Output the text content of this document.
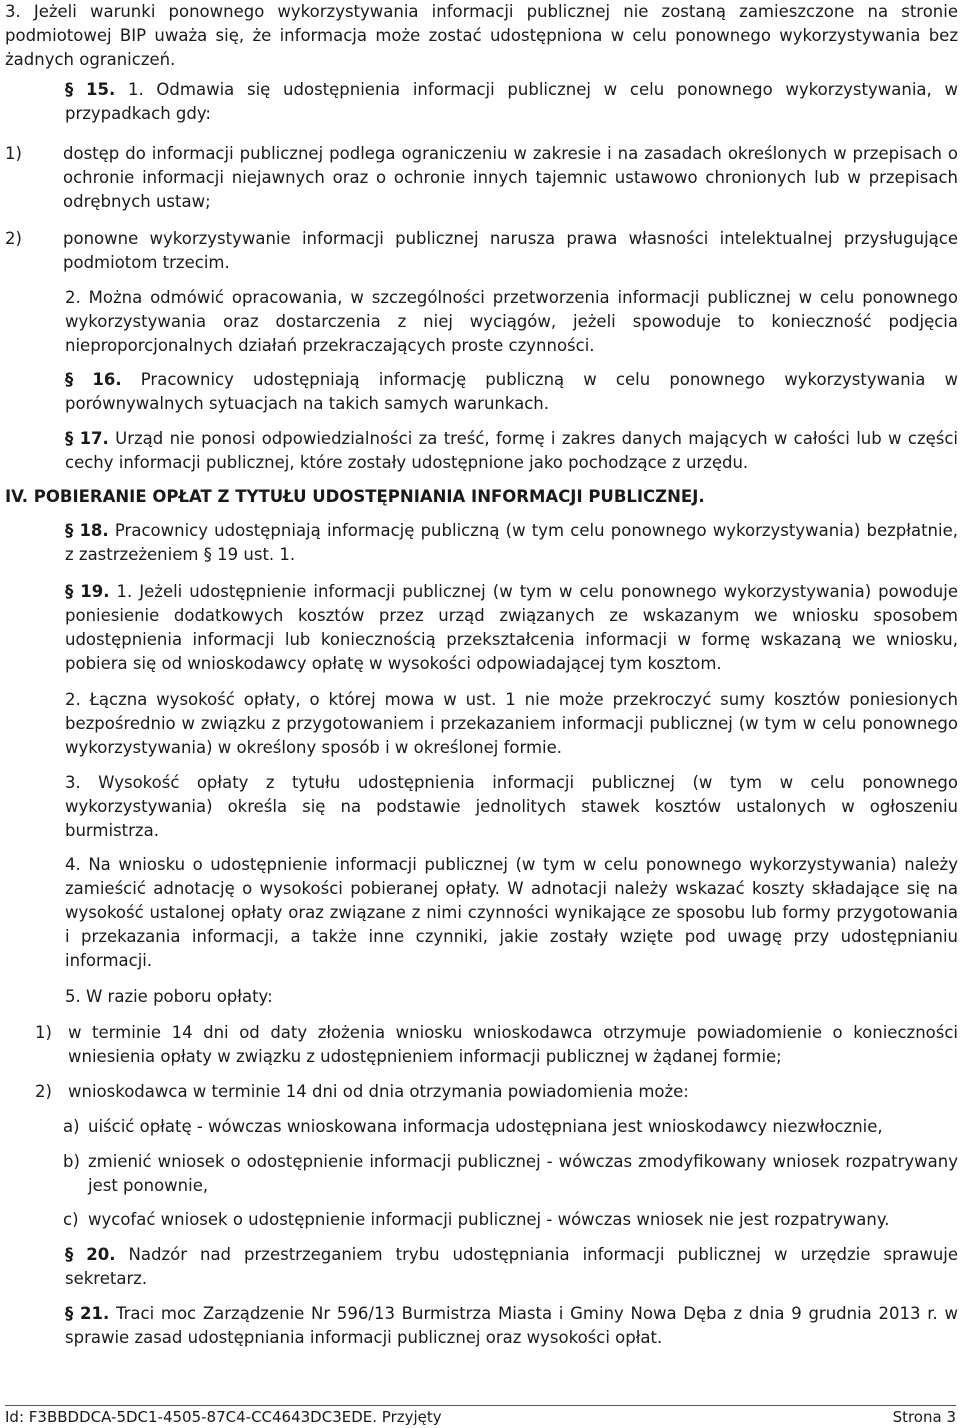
3. Jeżeli warunki ponownego wykorzystywania informacji publicznej nie zostaną zamieszczone na stronie podmiotowej BIP uważa się, że informacja może zostać udostępniona w celu ponownego wykorzystywania bez żadnych ograniczeń.

§ 15. 1. Odmawia się udostępnienia informacji publicznej w celu ponownego wykorzystywania, w przypadkach gdy:

1)	dostęp do informacji publicznej podlega ograniczeniu w zakresie i na zasadach określonych w przepisach o ochronie informacji niejawnych oraz o ochronie innych tajemnic ustawowo chronionych lub w przepisach odrębnych ustaw;
2)	ponowne wykorzystywanie informacji publicznej narusza prawa własności intelektualnej przysługujące podmiotom trzecim.

2. Można odmówić opracowania, w szczególności przetworzenia informacji publicznej w celu ponownego wykorzystywania oraz dostarczenia z niej wyciągów, jeżeli spowoduje to konieczność podjęcia nieproporcjonalnych działań przekraczających proste czynności.

§ 16. Pracownicy udostępniają informację publiczną w celu ponownego wykorzystywania w porównywalnych sytuacjach na takich samych warunkach.

§ 17. Urząd nie ponosi odpowiedzialności za treść, formę i zakres danych mających w całości lub w części cechy informacji publicznej, które zostały udostępnione jako pochodzące z urzędu.

IV. POBIERANIE OPŁAT Z TYTUŁU UDOSTĘPNIANIA INFORMACJI PUBLICZNEJ.

§ 18. Pracownicy udostępniają informację publiczną (w tym celu ponownego wykorzystywania) bezpłatnie, z zastrzeżeniem § 19 ust. 1.

§ 19. 1. Jeżeli udostępnienie informacji publicznej (w tym w celu ponownego wykorzystywania) powoduje poniesienie dodatkowych kosztów przez urząd związanych ze wskazanym we wniosku sposobem udostępnienia informacji lub koniecznością przekształcenia informacji w formę wskazaną we wniosku, pobiera się od wnioskodawcy opłatę w wysokości odpowiadającej tym kosztom.

2. Łączna wysokość opłaty, o której mowa w ust. 1 nie może przekroczyć sumy kosztów poniesionych bezpośrednio w związku z przygotowaniem i przekazaniem informacji publicznej (w tym w celu ponownego wykorzystywania) w określony sposób i w określonej formie.

3. Wysokość opłaty z tytułu udostępnienia informacji publicznej (w tym w celu ponownego wykorzystywania) określa się na podstawie jednolitych stawek kosztów ustalonych w ogłoszeniu burmistrza.

4. Na wniosku o udostępnienie informacji publicznej (w tym w celu ponownego wykorzystywania) należy zamieścić adnotację o wysokości pobieranej opłaty. W adnotacji należy wskazać koszty składające się na wysokość ustalonej opłaty oraz związane z nimi czynności wynikające ze sposobu lub formy przygotowania i przekazania informacji, a także inne czynniki, jakie zostały wzięte pod uwagę przy udostępnianiu informacji.

5. W razie poboru opłaty:

1) w terminie 14 dni od daty złożenia wniosku wnioskodawca otrzymuje powiadomienie o konieczności wniesienia opłaty w związku z udostępnieniem informacji publicznej w żądanej formie;
2) wnioskodawca w terminie 14 dni od dnia otrzymania powiadomienia może:
a) uiścić opłatę - wówczas wnioskowana informacja udostępniana jest wnioskodawcy niezwłocznie,
b) zmienić wniosek o odostępnienie informacji publicznej - wówczas zmodyfikowany wniosek rozpatrywany jest ponownie,
c) wycofać wniosek o udostępnienie informacji publicznej - wówczas wniosek nie jest rozpatrywany.

§ 20. Nadzór nad przestrzeganiem trybu udostępniania informacji publicznej w urzędzie sprawuje sekretarz.

§ 21. Traci moc Zarządzenie Nr 596/13 Burmistrza Miasta i Gminy Nowa Dęba z dnia 9 grudnia 2013 r. w sprawie zasad udostępniania informacji publicznej oraz wysokości opłat.

Id: F3BBDDCA-5DC1-4505-87C4-CC4643DC3EDE. Przyjęty	Strona 3
